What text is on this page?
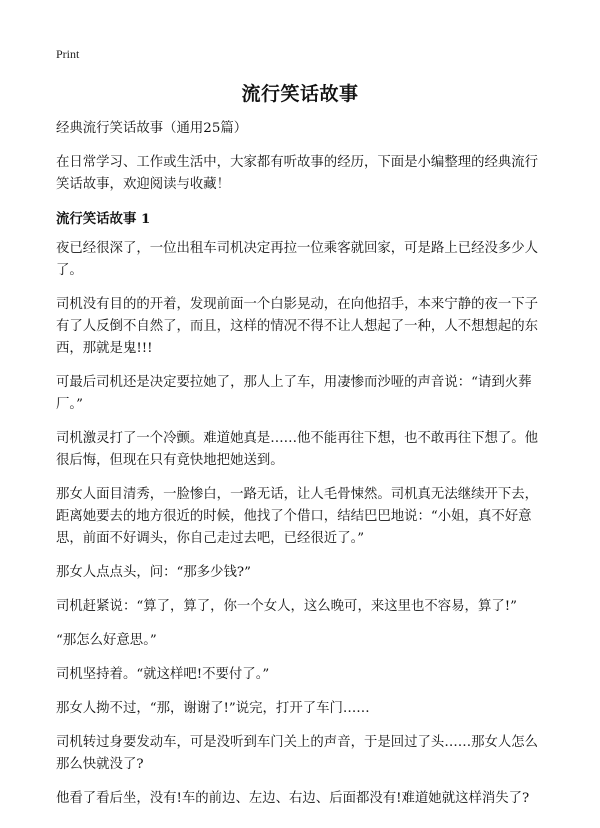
Print
流行笑话故事

经典流行笑话故事（通用25篇）

在日常学习、工作或生活中，大家都有听故事的经历，下面是小编整理的经典流行笑话故事，欢迎阅读与收藏！

流行笑话故事 1

夜已经很深了，一位出租车司机决定再拉一位乘客就回家，可是路上已经没多少人了。

司机没有目的的开着，发现前面一个白影晃动，在向他招手，本来宁静的夜一下子有了人反倒不自然了，而且，这样的情况不得不让人想起了一种，人不想想起的东西，那就是鬼!!!

可最后司机还是决定要拉她了，那人上了车，用凄惨而沙哑的声音说：“请到火葬厂。”

司机激灵打了一个冷颤。难道她真是……他不能再往下想，也不敢再往下想了。他很后悔，但现在只有竟快地把她送到。

那女人面目清秀，一脸惨白，一路无话，让人毛骨悚然。司机真无法继续开下去，距离她要去的地方很近的时候，他找了个借口，结结巴巴地说：“小姐，真不好意思，前面不好调头，你自己走过去吧，已经很近了。”

那女人点点头，问：“那多少钱?”

司机赶紧说：“算了，算了，你一个女人，这么晚可，来这里也不容易，算了!”

“那怎么好意思。”

司机坚持着。“就这样吧!不要付了。”

那女人拗不过，“那，谢谢了!”说完，打开了车门……

司机转过身要发动车，可是没听到车门关上的声音，于是回过了头……那女人怎么那么快就没了?

他看了看后坐，没有!车的前边、左边、右边、后面都没有!难道她就这样消失了?
